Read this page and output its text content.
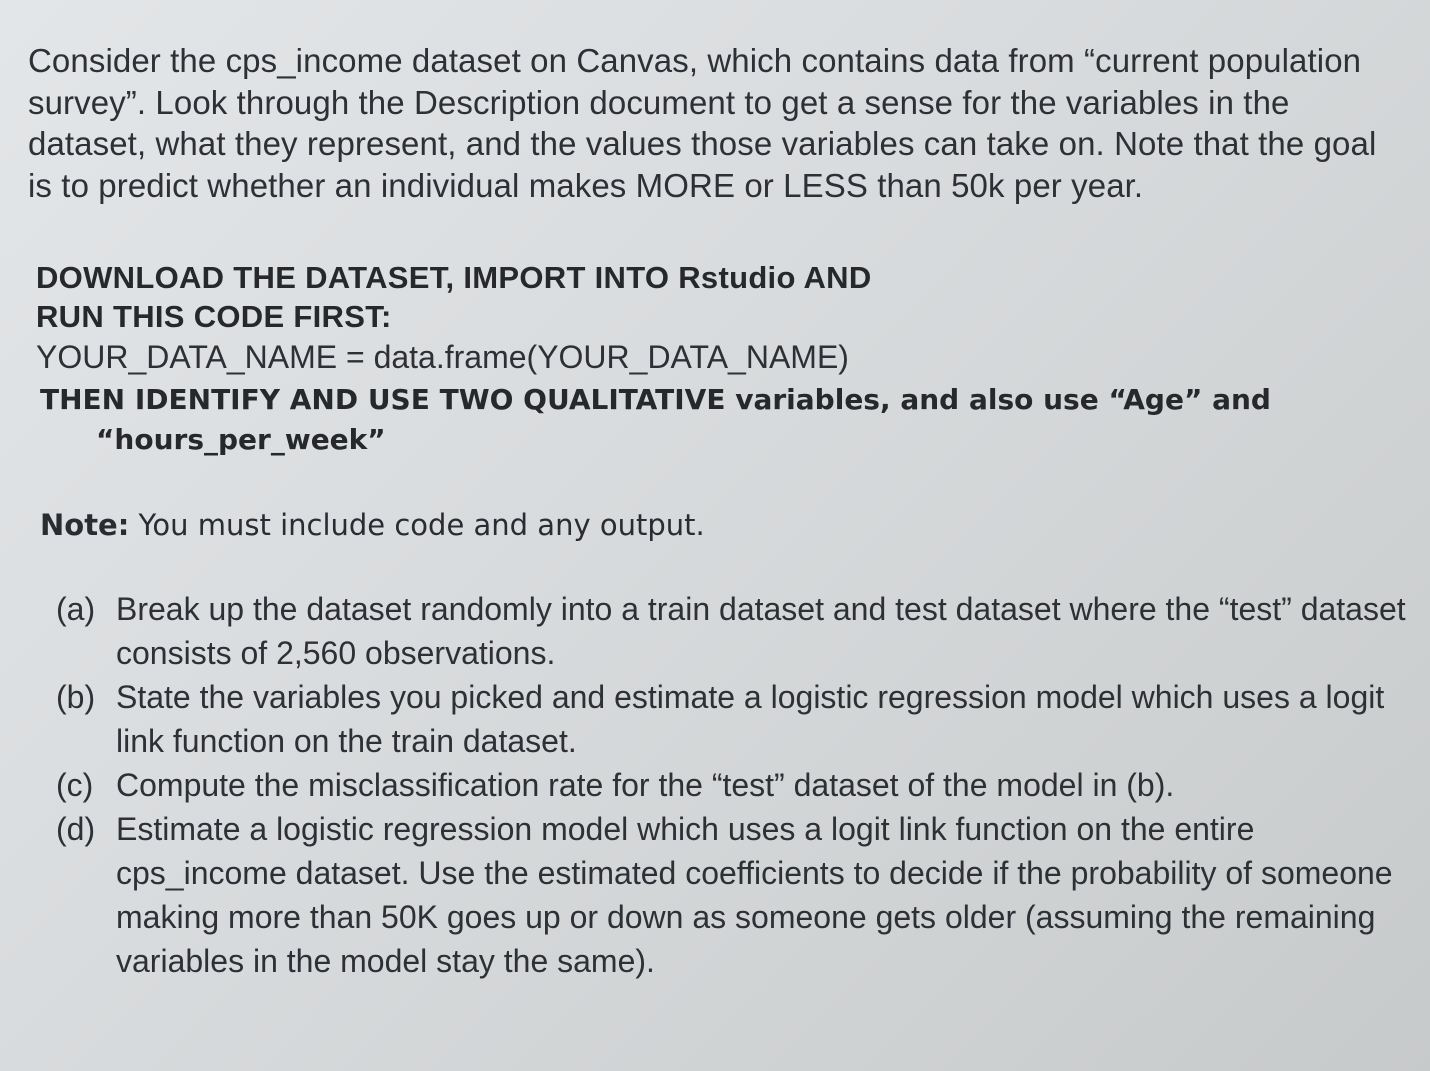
Consider the cps_income dataset on Canvas, which contains data from “current population survey”. Look through the Description document to get a sense for the variables in the dataset, what they represent, and the values those variables can take on. Note that the goal is to predict whether an individual makes MORE or LESS than 50k per year.

DOWNLOAD THE DATASET, IMPORT INTO Rstudio AND
RUN THIS CODE FIRST:
YOUR_DATA_NAME = data.frame(YOUR_DATA_NAME)
THEN IDENTIFY AND USE TWO QUALITATIVE variables, and also use “Age” and
“hours_per_week”
Note: You must include code and any output.
(a) Break up the dataset randomly into a train dataset and test dataset where the “test” dataset consists of 2,560 observations.
(b) State the variables you picked and estimate a logistic regression model which uses a logit link function on the train dataset.
(c) Compute the misclassification rate for the “test” dataset of the model in (b).
(d) Estimate a logistic regression model which uses a logit link function on the entire cps_income dataset. Use the estimated coefficients to decide if the probability of someone making more than 50K goes up or down as someone gets older (assuming the remaining variables in the model stay the same).
